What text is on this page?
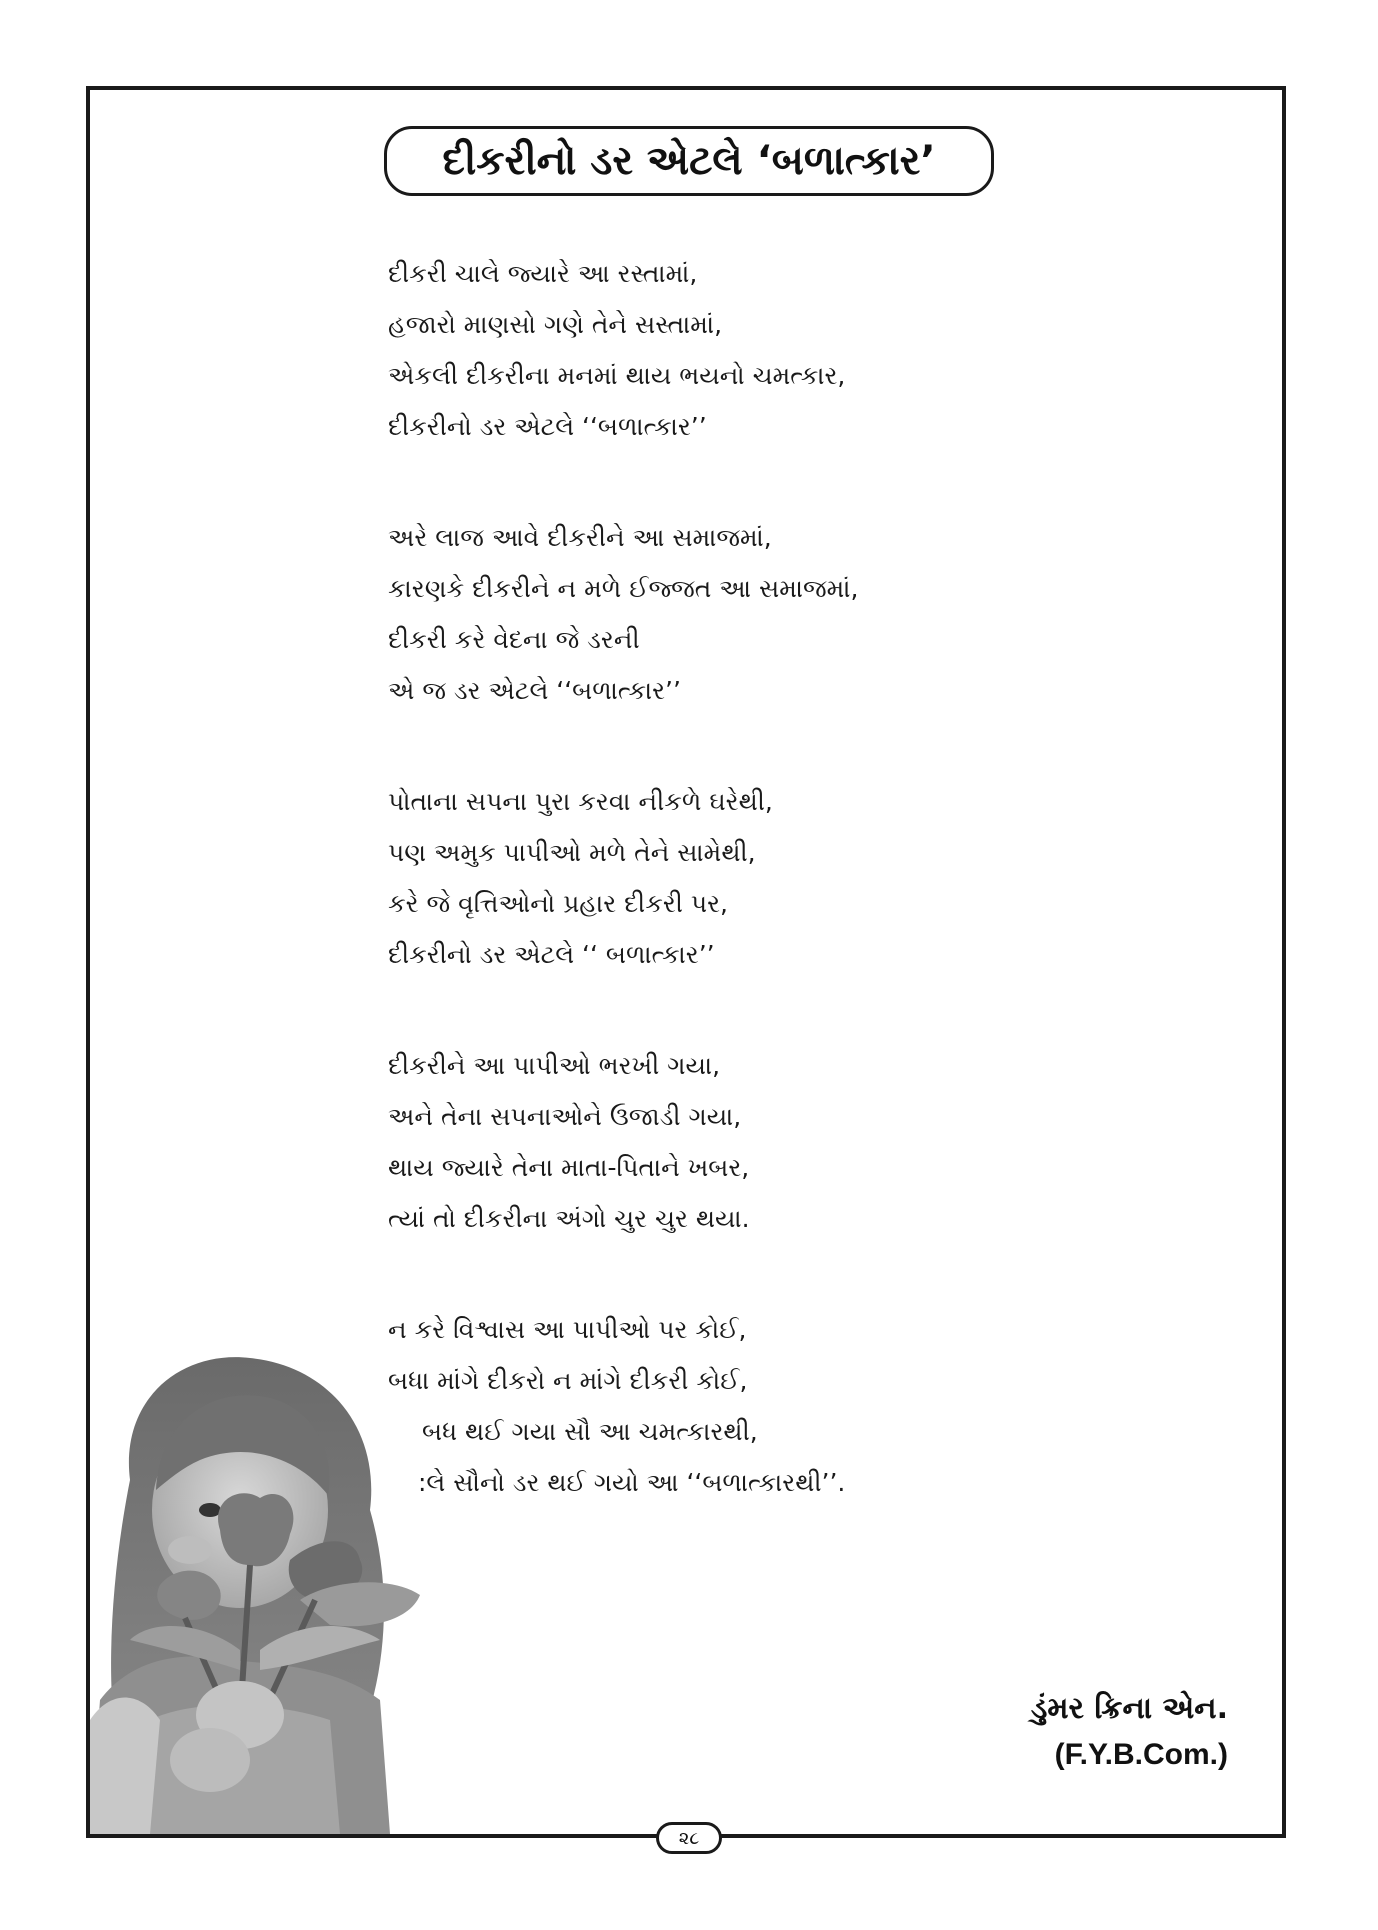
દીકરીનો ડર એટલે ‘બળાત્કાર’
દીકરી ચાલે જ્યારે આ રસ્તામાં,
હજારો માણસો ગણે તેને સસ્તામાં,
એકલી દીકરીના મનમાં થાય ભયનો ચમત્કાર,
દીકરીનો ડર એટલે ‘‘બળાત્કાર’’
અરે લાજ આવે દીકરીને આ સમાજમાં,
કારણકે દીકરીને ન મળે ઈજ્જત આ સમાજમાં,
દીકરી કરે વેદના જે ડરની
એ જ ડર એટલે ‘‘બળાત્કાર’’
પોતાના સપના પુરા કરવા નીકળે ઘરેથી,
પણ અમુક પાપીઓ મળે તેને સામેથી,
કરે જે વૃત્તિઓનો પ્રહાર દીકરી પર,
દીકરીનો ડર એટલે ‘‘ બળાત્કાર’’
દીકરીને આ પાપીઓ ભરખી ગયા,
અને તેના સપનાઓને ઉજાડી ગયા,
થાય જ્યારે તેના માતા-પિતાને ખબર,
ત્યાં તો દીકરીના અંગો ચુર ચુર થયા.
ન કરે વિશ્વાસ આ પાપીઓ પર કોઈ,
બધા માંગે દીકરો ન માંગે દીકરી કોઈ,
બધ થઈ ગયા સૌ આ ચમત્કારથી,
:લે સૌનો ડર થઈ ગયો આ ‘‘બળાત્કારથી’’.
ડુંમર ક્રિના એન.
(F.Y.B.Com.)
૨૮
